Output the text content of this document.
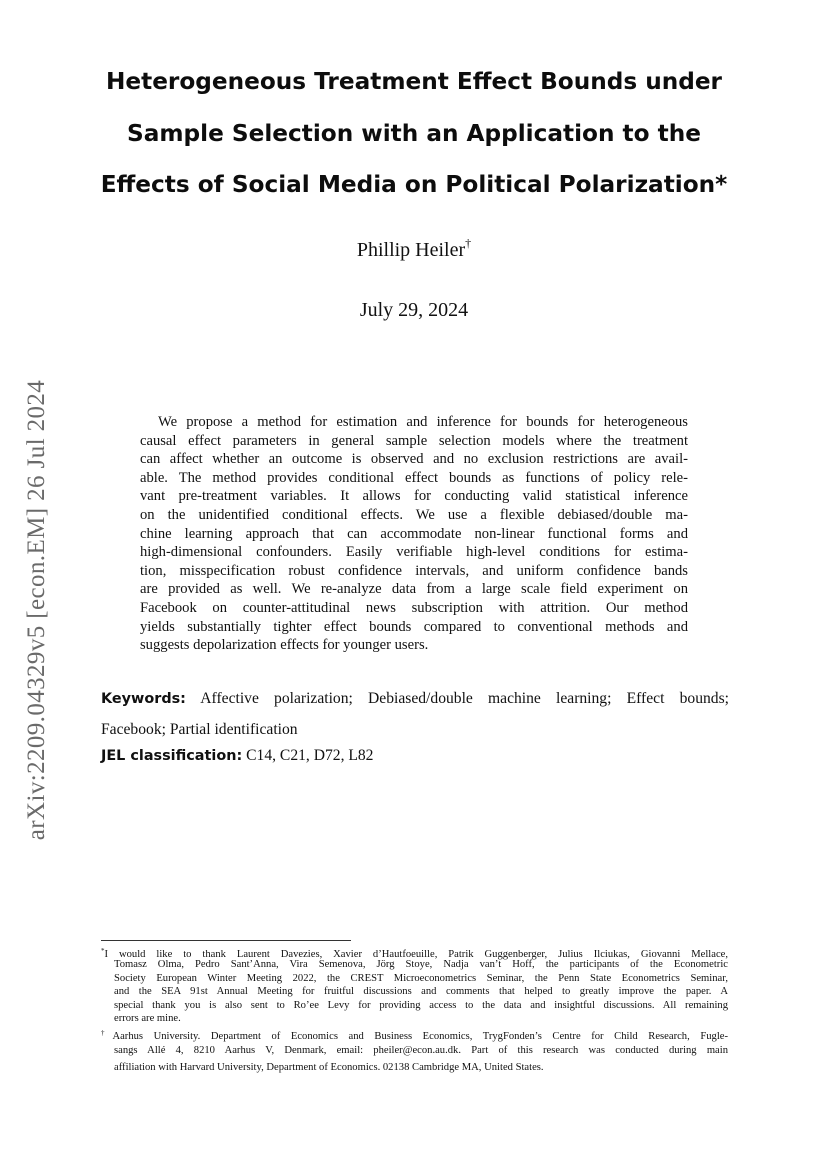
arXiv:2209.04329v5 [econ.EM] 26 Jul 2024
Heterogeneous Treatment Effect Bounds under
Sample Selection with an Application to the
Effects of Social Media on Political Polarization*
Phillip Heiler†
July 29, 2024
We propose a method for estimation and inference for bounds for heterogeneous
causal effect parameters in general sample selection models where the treatment
can affect whether an outcome is observed and no exclusion restrictions are avail-
able. The method provides conditional effect bounds as functions of policy rele-
vant pre-treatment variables. It allows for conducting valid statistical inference
on the unidentified conditional effects. We use a flexible debiased/double ma-
chine learning approach that can accommodate non-linear functional forms and
high-dimensional confounders. Easily verifiable high-level conditions for estima-
tion, misspecification robust confidence intervals, and uniform confidence bands
are provided as well. We re-analyze data from a large scale field experiment on
Facebook on counter-attitudinal news subscription with attrition. Our method
yields substantially tighter effect bounds compared to conventional methods and
suggests depolarization effects for younger users.
Keywords: Affective polarization; Debiased/double machine learning; Effect bounds;
Facebook; Partial identification
JEL classification: C14, C21, D72, L82
*I would like to thank Laurent Davezies, Xavier d’Hautfoeuille, Patrik Guggenberger, Julius Ilciukas, Giovanni Mellace,
Tomasz Olma, Pedro Sant’Anna, Vira Semenova, Jörg Stoye, Nadja van’t Hoff, the participants of the Econometric
Society European Winter Meeting 2022, the CREST Microeconometrics Seminar, the Penn State Econometrics Seminar,
and the SEA 91st Annual Meeting for fruitful discussions and comments that helped to greatly improve the paper. A
special thank you is also sent to Ro’ee Levy for providing access to the data and insightful discussions. All remaining
errors are mine.
†Aarhus University. Department of Economics and Business Economics, TrygFonden’s Centre for Child Research, Fugle-
sangs Allé 4, 8210 Aarhus V, Denmark, email: pheiler@econ.au.dk. Part of this research was conducted during main
affiliation with Harvard University, Department of Economics. 02138 Cambridge MA, United States.
